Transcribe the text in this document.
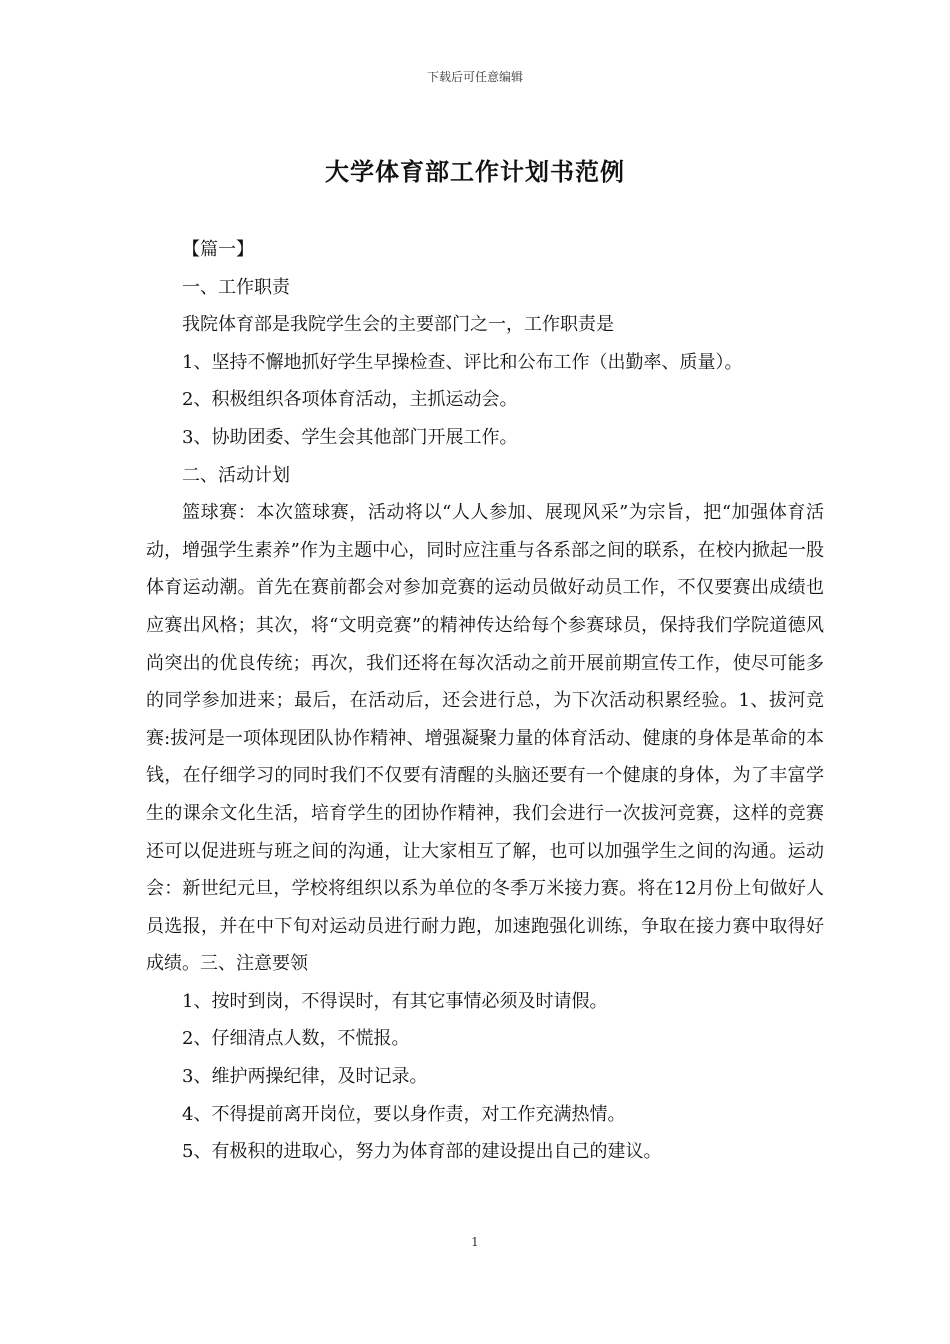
下载后可任意编辑
大学体育部工作计划书范例

【篇一】

一、工作职责

我院体育部是我院学生会的主要部门之一，工作职责是

1、坚持不懈地抓好学生早操检查、评比和公布工作（出勤率、质量）。

2、积极组织各项体育活动，主抓运动会。

3、协助团委、学生会其他部门开展工作。

二、活动计划

篮球赛：本次篮球赛，活动将以“人人参加、展现风采”为宗旨，把“加强体育活动，增强学生素养”作为主题中心，同时应注重与各系部之间的联系，在校内掀起一股体育运动潮。首先在赛前都会对参加竞赛的运动员做好动员工作，不仅要赛出成绩也应赛出风格；其次，将“文明竞赛”的精神传达给每个参赛球员，保持我们学院道德风尚突出的优良传统；再次，我们还将在每次活动之前开展前期宣传工作，使尽可能多的同学参加进来；最后，在活动后，还会进行总，为下次活动积累经验。1、拔河竞赛:拔河是一项体现团队协作精神、增强凝聚力量的体育活动、健康的身体是革命的本钱，在仔细学习的同时我们不仅要有清醒的头脑还要有一个健康的身体，为了丰富学生的课余文化生活，培育学生的团协作精神，我们会进行一次拔河竞赛，这样的竞赛还可以促进班与班之间的沟通，让大家相互了解，也可以加强学生之间的沟通。运动会：新世纪元旦，学校将组织以系为单位的冬季万米接力赛。将在12月份上旬做好人员选报，并在中下旬对运动员进行耐力跑，加速跑强化训练，争取在接力赛中取得好成绩。三、注意要领

1、按时到岗，不得误时，有其它事情必须及时请假。

2、仔细清点人数，不慌报。

3、维护两操纪律，及时记录。

4、不得提前离开岗位，要以身作责，对工作充满热情。

5、有极积的进取心，努力为体育部的建设提出自己的建议。

1
